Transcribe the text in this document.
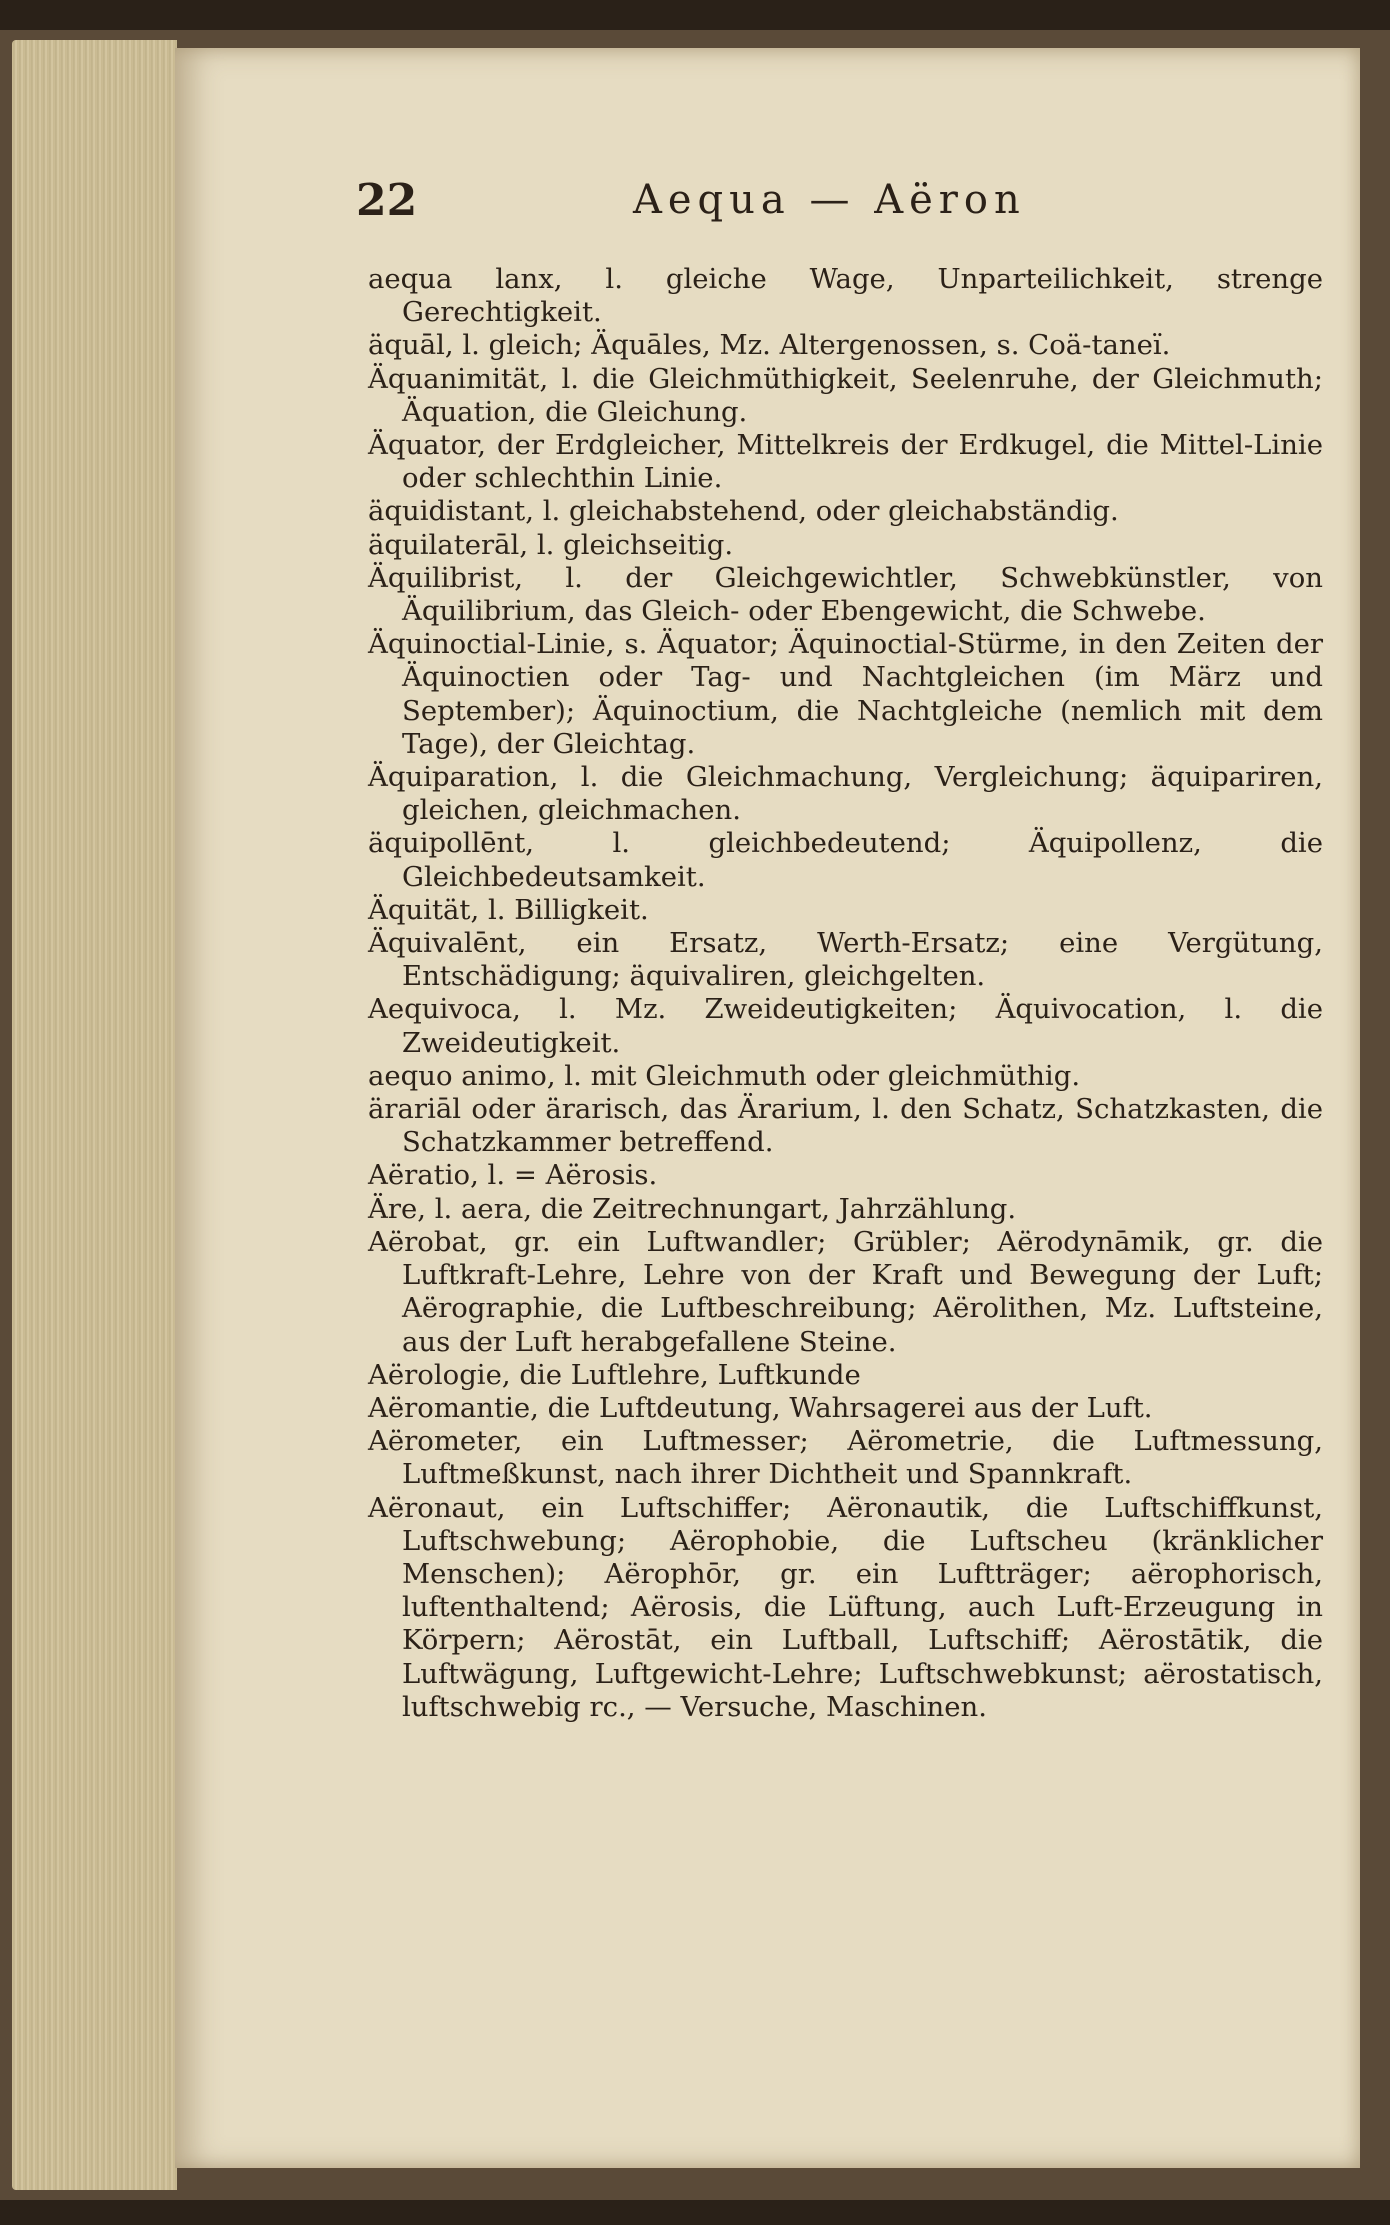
22	Aequa — Aëron

aequa lanx, l. gleiche Wage, Unparteilichkeit, strenge Gerechtigkeit.

äquāl, l. gleich; Äquāles, Mz. Altergenossen, s. Coä-taneï.

Äquanimität, l. die Gleichmüthigkeit, Seelenruhe, der Gleichmuth; Äquation, die Gleichung.

Äquator, der Erdgleicher, Mittelkreis der Erdkugel, die Mittel-Linie oder schlechthin Linie.

äquidistant, l. gleichabstehend, oder gleichabständig.

äquilaterāl, l. gleichseitig.

Äquilibrist, l. der Gleichgewichtler, Schwebkünstler, von Äquilibrium, das Gleich- oder Ebengewicht, die Schwebe.

Äquinoctial-Linie, s. Äquator; Äquinoctial-Stürme, in den Zeiten der Äquinoctien oder Tag- und Nachtgleichen (im März und September); Äquinoctium, die Nachtgleiche (nemlich mit dem Tage), der Gleichtag.

Äquiparation, l. die Gleichmachung, Vergleichung; äquipariren, gleichen, gleichmachen.

äquipollēnt, l. gleichbedeutend; Äquipollenz, die Gleichbedeutsamkeit.

Äquität, l. Billigkeit.

Äquivalēnt, ein Ersatz, Werth-Ersatz; eine Vergütung, Entschädigung; äquivaliren, gleichgelten.

Aequivoca, l. Mz. Zweideutigkeiten; Äquivocation, l. die Zweideutigkeit.

aequo animo, l. mit Gleichmuth oder gleichmüthig.

ärariāl oder ärarisch, das Ärarium, l. den Schatz, Schatzkasten, die Schatzkammer betreffend.

Aëratio, l. = Aërosis.

Äre, l. aera, die Zeitrechnungart, Jahrzählung.

Aërobat, gr. ein Luftwandler; Grübler; Aërodynāmik, gr. die Luftkraft-Lehre, Lehre von der Kraft und Bewegung der Luft; Aërographie, die Luftbeschreibung; Aërolithen, Mz. Luftsteine, aus der Luft herabgefallene Steine.

Aërologie, die Luftlehre, Luftkunde

Aëromantie, die Luftdeutung, Wahrsagerei aus der Luft.

Aërometer, ein Luftmesser; Aërometrie, die Luftmessung, Luftmeßkunst, nach ihrer Dichtheit und Spannkraft.

Aëronaut, ein Luftschiffer; Aëronautik, die Luftschiffkunst, Luftschwebung; Aërophobie, die Luftscheu (kränklicher Menschen); Aërophōr, gr. ein Luftträger; aërophorisch, luftenthaltend; Aërosis, die Lüftung, auch Luft-Erzeugung in Körpern; Aërostāt, ein Luftball, Luftschiff; Aërostātik, die Luftwägung, Luftgewicht-Lehre; Luftschwebkunst; aërostatisch, luftschwebig rc., — Versuche, Maschinen.
